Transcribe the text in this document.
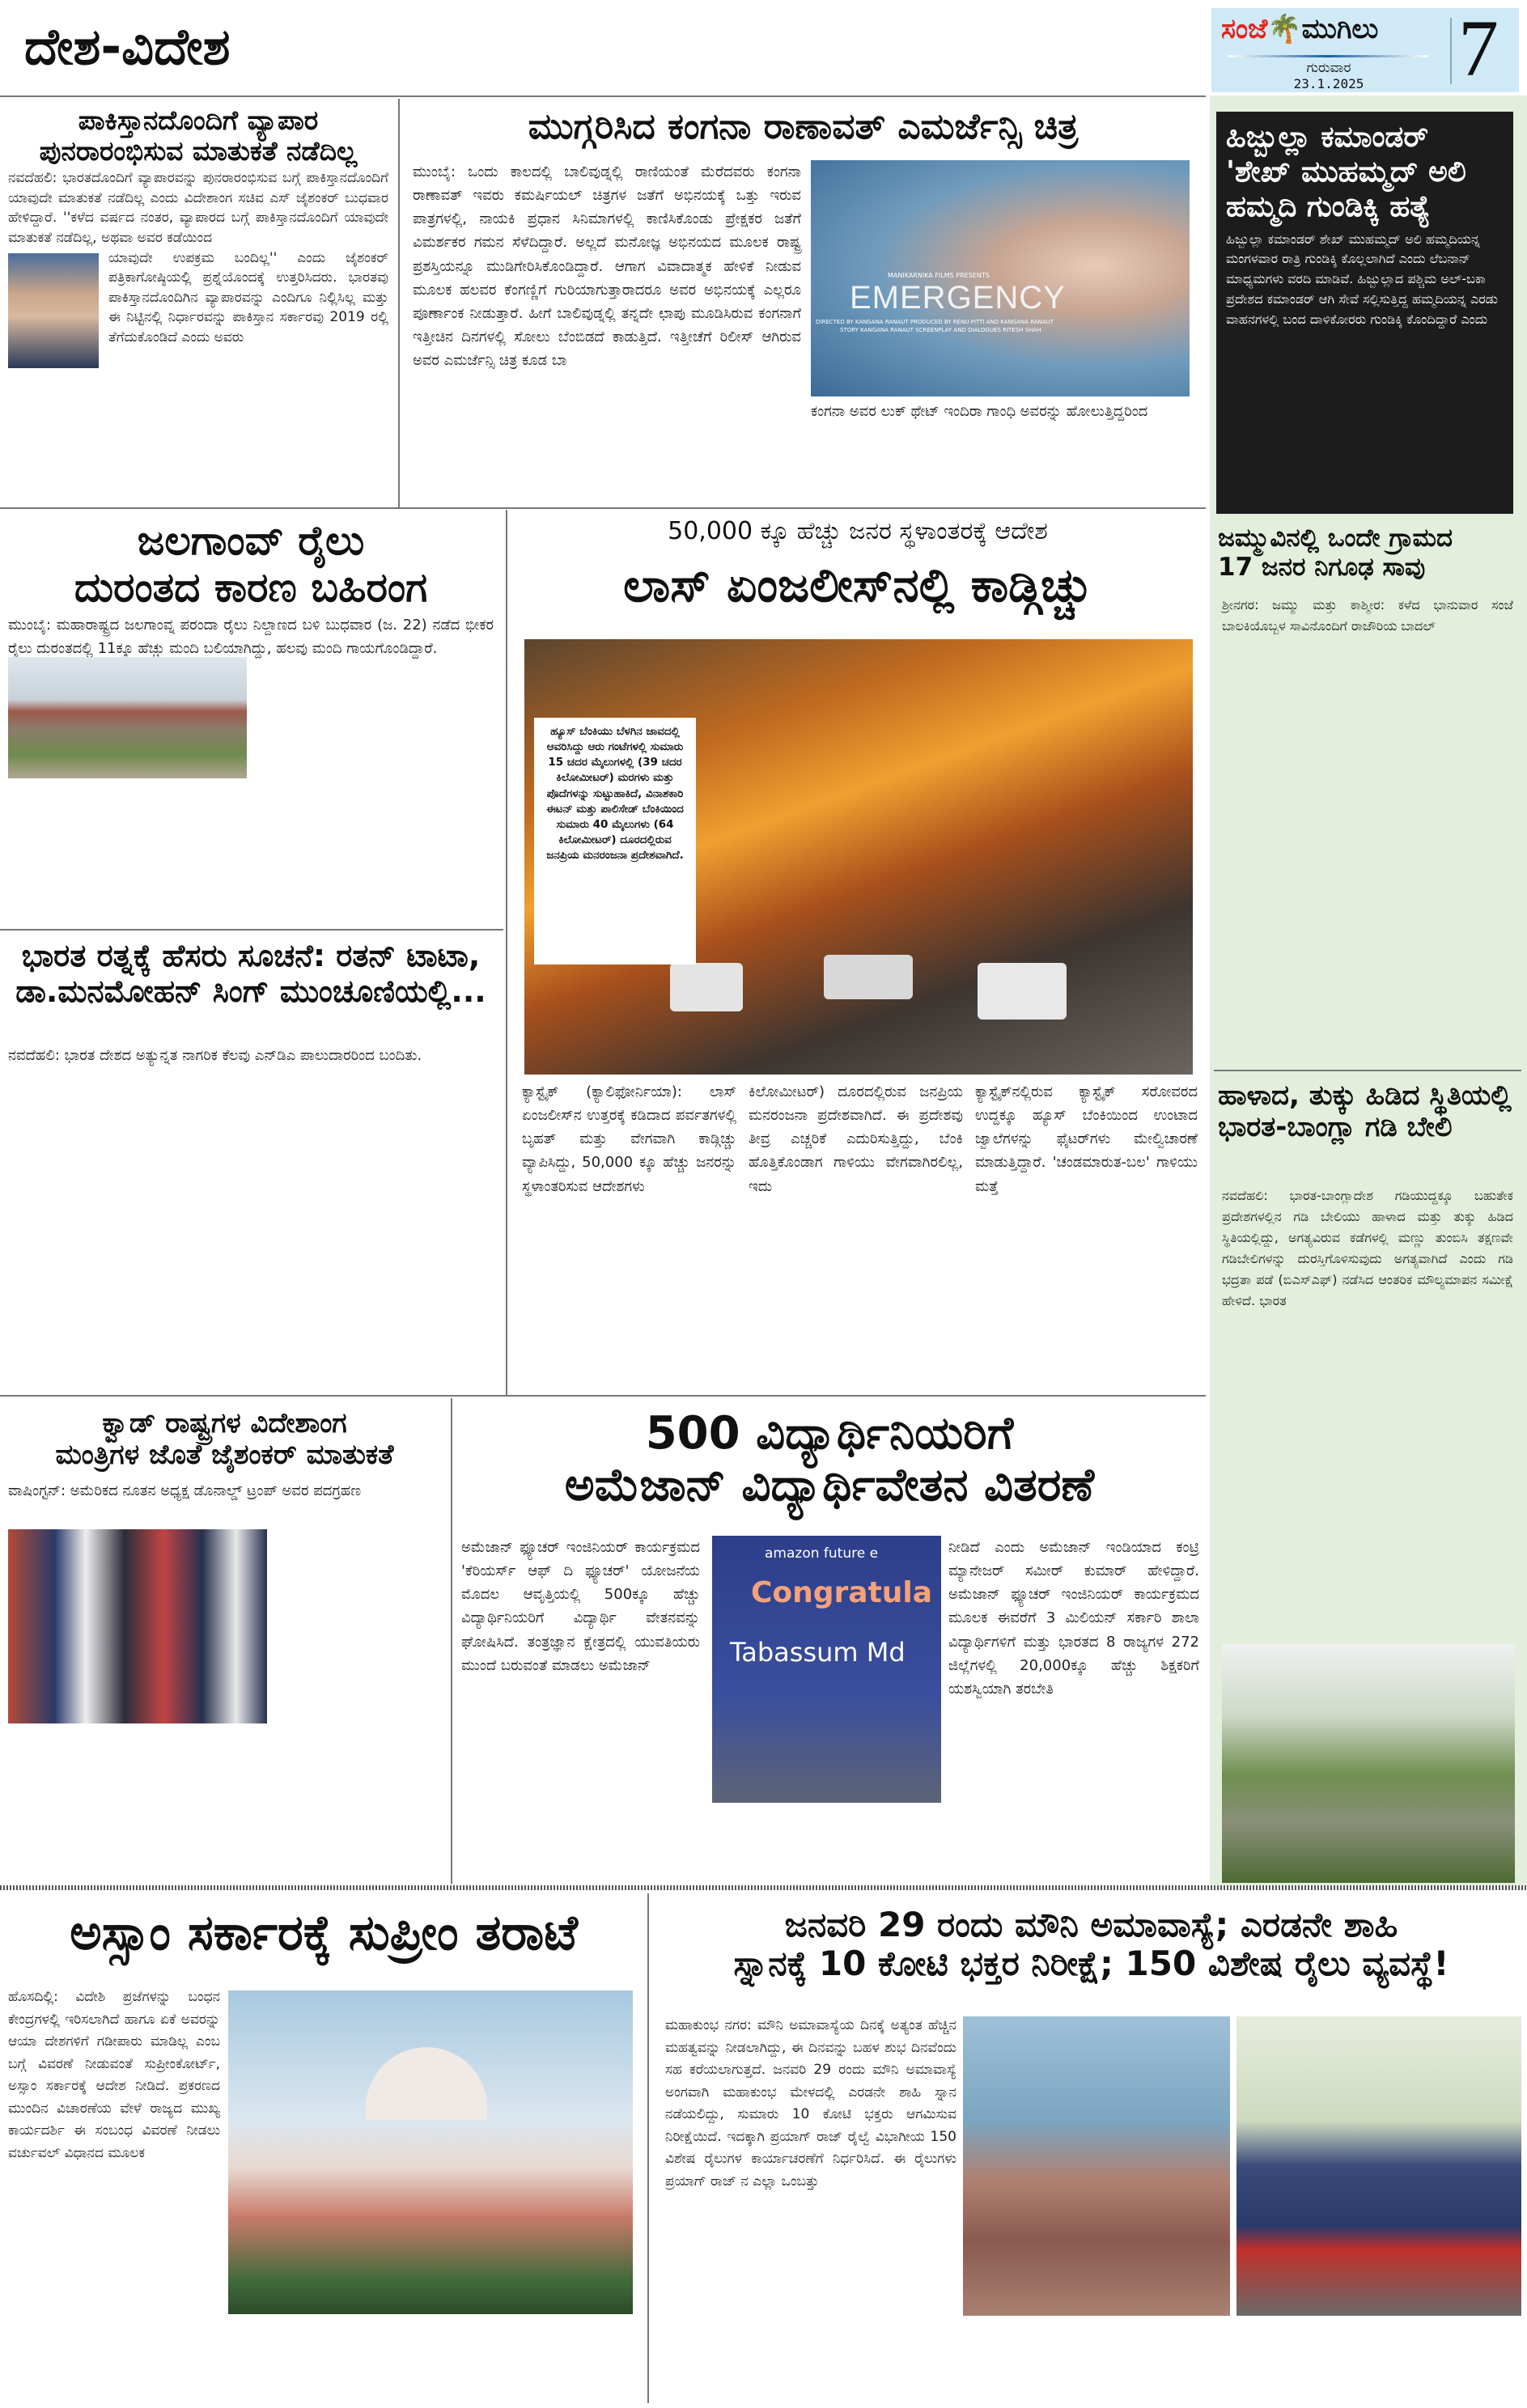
ದೇಶ-ವಿದೇಶ	ಸಂಜೆ🌴ಮುಗಿಲು
ಗುರುವಾರ
23.1.2025	7
ಪಾಕಿಸ್ತಾನದೊಂದಿಗೆ ವ್ಯಾಪಾರ
ಪುನರಾರಂಭಿಸುವ ಮಾತುಕತೆ ನಡೆದಿಲ್ಲ
ನವದೆಹಲಿ: ಭಾರತದೊಂದಿಗೆ ವ್ಯಾಪಾರವನ್ನು ಪುನರಾರಂಭಿಸುವ ಬಗ್ಗೆ ಪಾಕಿಸ್ತಾನದೊಂದಿಗೆ ಯಾವುದೇ ಮಾತುಕತೆ ನಡೆದಿಲ್ಲ ಎಂದು ವಿದೇಶಾಂಗ ಸಚಿವ ಎಸ್ ಜೈಶಂಕರ್ ಬುಧವಾರ ಹೇಳಿದ್ದಾರೆ. ''ಕಳೆದ ವರ್ಷದ ನಂತರ, ವ್ಯಾಪಾರದ ಬಗ್ಗೆ ಪಾಕಿಸ್ತಾನದೊಂದಿಗೆ ಯಾವುದೇ ಮಾತುಕತೆ ನಡೆದಿಲ್ಲ, ಅಥವಾ ಅವರ ಕಡೆಯಿಂದ
ಯಾವುದೇ ಉಪಕ್ರಮ ಬಂದಿಲ್ಲ'' ಎಂದು ಜೈಶಂಕರ್ ಪತ್ರಿಕಾಗೋಷ್ಠಿಯಲ್ಲಿ ಪ್ರಶ್ನೆಯೊಂದಕ್ಕೆ ಉತ್ತರಿಸಿದರು. ಭಾರತವು ಪಾಕಿಸ್ತಾನದೊಂದಿಗಿನ ವ್ಯಾಪಾರವನ್ನು ಎಂದಿಗೂ ನಿಲ್ಲಿಸಿಲ್ಲ ಮತ್ತು ಈ ನಿಟ್ಟಿನಲ್ಲಿ ನಿರ್ಧಾರವನ್ನು ಪಾಕಿಸ್ತಾನ ಸರ್ಕಾರವು 2019 ರಲ್ಲಿ ತೆಗೆದುಕೊಂಡಿದೆ ಎಂದು ಅವರು
ಮುಗ್ಗರಿಸಿದ ಕಂಗನಾ ರಾಣಾವತ್ ಎಮರ್ಜೆನ್ಸಿ ಚಿತ್ರ
ಮುಂಬೈ: ಒಂದು ಕಾಲದಲ್ಲಿ ಬಾಲಿವುಡ್ನಲ್ಲಿ ರಾಣಿಯಂತೆ ಮೆರೆದವರು ಕಂಗನಾ ರಾಣಾವತ್ ಇವರು ಕಮರ್ಷಿಯಲ್ ಚಿತ್ರಗಳ ಜತೆಗೆ ಅಭಿನಯಕ್ಕೆ ಒತ್ತು ಇರುವ ಪಾತ್ರಗಳಲ್ಲಿ, ನಾಯಕಿ ಪ್ರಧಾನ ಸಿನಿಮಾಗಳಲ್ಲಿ ಕಾಣಿಸಿಕೊಂಡು ಪ್ರೇಕ್ಷಕರ ಜತೆಗೆ ವಿಮರ್ಶಕರ ಗಮನ ಸೆಳೆದಿದ್ದಾರೆ. ಅಲ್ಲದೆ ಮನೋಜ್ಞ ಅಭಿನಯದ ಮೂಲಕ ರಾಷ್ಟ್ರ ಪ್ರಶಸ್ತಿಯನ್ನೂ ಮುಡಿಗೇರಿಸಿಕೊಂಡಿದ್ದಾರೆ. ಆಗಾಗ ವಿವಾದಾತ್ಮಕ ಹೇಳಿಕೆ ನೀಡುವ ಮೂಲಕ ಹಲವರ ಕೆಂಗಣ್ಣಿಗೆ ಗುರಿಯಾಗುತ್ತಾರಾದರೂ ಅವರ ಅಭಿನಯಕ್ಕೆ ಎಲ್ಲರೂ ಪೂರ್ಣಾಂಕ ನೀಡುತ್ತಾರೆ. ಹೀಗೆ ಬಾಲಿವುಡ್ನಲ್ಲಿ ತನ್ನದೇ ಛಾಪು ಮೂಡಿಸಿರುವ ಕಂಗನಾಗೆ ಇತ್ತೀಚಿನ ದಿನಗಳಲ್ಲಿ ಸೋಲು ಬೆಂಬಿಡದೆ ಕಾಡುತ್ತಿದೆ. ಇತ್ತೀಚೆಗೆ ರಿಲೀಸ್ ಆಗಿರುವ ಅವರ ಎಮರ್ಜೆನ್ಸಿ ಚಿತ್ರ ಕೂಡ ಬಾ
MANIKARNIKA FILMS PRESENTS
EMERGENCY
DIRECTED BY KANGANA RANAUT PRODUCED BY RENU PITTI AND KANGANA RANAUT
STORY KANGANA RANAUT SCREENPLAY AND DIALOGUES RITESH SHAH
ಕಂಗನಾ ಅವರ ಲುಕ್ ಥೇಟ್ ಇಂದಿರಾ ಗಾಂಧಿ ಅವರನ್ನು ಹೋಲುತ್ತಿದ್ದರಿಂದ
ಹಿಜ್ಬುಲ್ಲಾ ಕಮಾಂಡರ್ 'ಶೇಖ್ ಮುಹಮ್ಮದ್ ಅಲಿ ಹಮ್ಮದಿ ಗುಂಡಿಕ್ಕಿ ಹತ್ಯೆ
ಹಿಜ್ಬುಲ್ಲಾ ಕಮಾಂಡರ್ ಶೇಖ್ ಮುಹಮ್ಮದ್ ಅಲಿ ಹಮ್ಮದಿಯನ್ನ ಮಂಗಳವಾರ ರಾತ್ರಿ ಗುಂಡಿಕ್ಕಿ ಕೊಲ್ಲಲಾಗಿದೆ ಎಂದು ಲೆಬನಾನ್ ಮಾಧ್ಯಮಗಳು ವರದಿ ಮಾಡಿವೆ. ಹಿಜ್ಬುಲ್ಲಾದ ಪಶ್ಚಿಮ ಅಲ್-ಬಕಾ ಪ್ರದೇಶದ ಕಮಾಂಡರ್ ಆಗಿ ಸೇವೆ ಸಲ್ಲಿಸುತ್ತಿದ್ದ ಹಮ್ಮದಿಯನ್ನ ಎರಡು ವಾಹನಗಳಲ್ಲಿ ಬಂದ ದಾಳಿಕೋರರು ಗುಂಡಿಕ್ಕಿ ಕೊಂದಿದ್ದಾರೆ ಎಂದು
ಜಮ್ಮುವಿನಲ್ಲಿ ಒಂದೇ ಗ್ರಾಮದ
17 ಜನರ ನಿಗೂಢ ಸಾವು
ಶ್ರೀನಗರ: ಜಮ್ಮು ಮತ್ತು ಕಾಶ್ಮೀರ: ಕಳೆದ ಭಾನುವಾರ ಸಂಜೆ ಬಾಲಕಿಯೊಬ್ಬಳ ಸಾವಿನೊಂದಿಗೆ ರಾಜೌರಿಯ ಬಾದಲ್
ಹಾಳಾದ, ತುಕ್ಕು ಹಿಡಿದ ಸ್ಥಿತಿಯಲ್ಲಿ ಭಾರತ-ಬಾಂಗ್ಲಾ ಗಡಿ ಬೇಲಿ
ನವದೆಹಲಿ: ಭಾರತ-ಬಾಂಗ್ಲಾದೇಶ ಗಡಿಯುದ್ದಕ್ಕೂ ಬಹುತೇಕ ಪ್ರದೇಶಗಳಲ್ಲಿನ ಗಡಿ ಬೇಲಿಯು ಹಾಳಾದ ಮತ್ತು ತುಕ್ಕು ಹಿಡಿದ ಸ್ಥಿತಿಯಲ್ಲಿದ್ದು, ಅಗತ್ಯವಿರುವ ಕಡೆಗಳಲ್ಲಿ ಮಣ್ಣು ತುಂಬಿಸಿ ತಕ್ಷಣವೇ ಗಡಿಬೇಲಿಗಳನ್ನು ದುರಸ್ತಿಗೊಳಿಸುವುದು ಅಗತ್ಯವಾಗಿದೆ ಎಂದು ಗಡಿ ಭದ್ರತಾ ಪಡೆ (ಬಿಎಸ್‌ಎಫ್) ನಡೆಸಿದ ಆಂತರಿಕ ಮೌಲ್ಯಮಾಪನ ಸಮೀಕ್ಷೆ ಹೇಳಿದೆ. ಭಾರತ
ಜಲಗಾಂವ್ ರೈಲು
ದುರಂತದ ಕಾರಣ ಬಹಿರಂಗ
ಮುಂಬೈ: ಮಹಾರಾಷ್ಟ್ರದ ಜಲಗಾಂವ್ನ ಪರಂದಾ ರೈಲು ನಿಲ್ದಾಣದ ಬಳಿ ಬುಧವಾರ (ಜ. 22) ನಡೆದ ಭೀಕರ ರೈಲು ದುರಂತದಲ್ಲಿ 11ಕ್ಕೂ ಹೆಚ್ಚು ಮಂದಿ ಬಲಿಯಾಗಿದ್ದು, ಹಲವು ಮಂದಿ ಗಾಯಗೊಂಡಿದ್ದಾರೆ.
50,000 ಕ್ಕೂ ಹೆಚ್ಚು ಜನರ ಸ್ಥಳಾಂತರಕ್ಕೆ ಆದೇಶ
ಲಾಸ್ ಏಂಜಲೀಸ್‌ನಲ್ಲಿ ಕಾಡ್ಗಿಚ್ಚು
ಹ್ಯೂಸ್ ಬೆಂಕಿಯು ಬೆಳಗಿನ ಜಾವದಲ್ಲಿ ಆವರಿಸಿದ್ದು ಆರು ಗಂಟೆಗಳಲ್ಲಿ ಸುಮಾರು 15 ಚದರ ಮೈಲುಗಳಲ್ಲಿ (39 ಚದರ ಕಿಲೋಮೀಟರ್) ಮರಗಳು ಮತ್ತು ಪೊದೆಗಳನ್ನು ಸುಟ್ಟುಹಾಕಿದೆ, ವಿನಾಶಕಾರಿ ಈಟನ್ ಮತ್ತು ಪಾಲಿಸೇಡ್ ಬೆಂಕಿಯಿಂದ ಸುಮಾರು 40 ಮೈಲುಗಳು (64 ಕಿಲೋಮೀಟರ್) ದೂರದಲ್ಲಿರುವ ಜನಪ್ರಿಯ ಮನರಂಜನಾ ಪ್ರದೇಶವಾಗಿದೆ.
ಕ್ಯಾಸ್ಟೈಕ್ (ಕ್ಯಾಲಿಫೋರ್ನಿಯಾ): ಲಾಸ್ ಏಂಜಲೀಸ್‌ನ ಉತ್ತರಕ್ಕೆ ಕಡಿದಾದ ಪರ್ವತಗಳಲ್ಲಿ ಬೃಹತ್ ಮತ್ತು ವೇಗವಾಗಿ ಕಾಡ್ಗಿಚ್ಚು ವ್ಯಾಪಿಸಿದ್ದು, 50,000 ಕ್ಕೂ ಹೆಚ್ಚು ಜನರನ್ನು ಸ್ಥಳಾಂತರಿಸುವ ಆದೇಶಗಳು
ಕಿಲೋಮೀಟರ್) ದೂರದಲ್ಲಿರುವ ಜನಪ್ರಿಯ ಮನರಂಜನಾ ಪ್ರದೇಶವಾಗಿದೆ. ಈ ಪ್ರದೇಶವು ತೀವ್ರ ಎಚ್ಚರಿಕೆ ಎದುರಿಸುತ್ತಿದ್ದು, ಬೆಂಕಿ ಹೊತ್ತಿಕೊಂಡಾಗ ಗಾಳಿಯು ವೇಗವಾಗಿರಲಿಲ್ಲ, ಇದು
ಕ್ಯಾಸ್ಟೈಕ್‌ನಲ್ಲಿರುವ ಕ್ಯಾಸ್ಟೈಕ್ ಸರೋವರದ ಉದ್ದಕ್ಕೂ ಹ್ಯೂಸ್ ಬೆಂಕಿಯಿಂದ ಉಂಟಾದ ಜ್ವಾಲೆಗಳನ್ನು ಫೈಟರ್‌ಗಳು ಮೇಲ್ವಿಚಾರಣೆ ಮಾಡುತ್ತಿದ್ದಾರೆ. 'ಚಂಡಮಾರುತ-ಬಲ' ಗಾಳಿಯು ಮತ್ತೆ
ಭಾರತ ರತ್ನಕ್ಕೆ ಹೆಸರು ಸೂಚನೆ: ರತನ್ ಟಾಟಾ, ಡಾ.ಮನಮೋಹನ್ ಸಿಂಗ್ ಮುಂಚೂಣಿಯಲ್ಲಿ...
ನವದೆಹಲಿ: ಭಾರತ ದೇಶದ ಅತ್ಯುನ್ನತ ನಾಗರಿಕ ಕೆಲವು ಎನ್‌ಡಿಎ ಪಾಲುದಾರರಿಂದ ಬಂದಿತು.
ಕ್ವಾಡ್ ರಾಷ್ಟ್ರಗಳ ವಿದೇಶಾಂಗ
ಮಂತ್ರಿಗಳ ಜೊತೆ ಜೈಶಂಕರ್ ಮಾತುಕತೆ
ವಾಷಿಂಗ್ಟನ್: ಅಮೆರಿಕದ ನೂತನ ಅಧ್ಯಕ್ಷ ಡೊನಾಲ್ಡ್ ಟ್ರಂಪ್ ಅವರ ಪದಗ್ರಹಣ
500 ವಿದ್ಯಾರ್ಥಿನಿಯರಿಗೆ
ಅಮೆಜಾನ್ ವಿದ್ಯಾರ್ಥಿವೇತನ ವಿತರಣೆ
ಅಮೆಜಾನ್ ಫ್ಯೂಚರ್ ಇಂಜಿನಿಯರ್ ಕಾರ್ಯಕ್ರಮದ 'ಕೆರಿಯರ್ಸ್ ಆಫ್ ದಿ ಫ್ಯೂಚರ್' ಯೋಜನೆಯ ಮೊದಲ ಆವೃತ್ತಿಯಲ್ಲಿ 500ಕ್ಕೂ ಹೆಚ್ಚು ವಿದ್ಯಾರ್ಥಿನಿಯರಿಗೆ ವಿದ್ಯಾರ್ಥಿ ವೇತನವನ್ನು ಘೋಷಿಸಿದೆ. ತಂತ್ರಜ್ಞಾನ ಕ್ಷೇತ್ರದಲ್ಲಿ ಯುವತಿಯರು ಮುಂದೆ ಬರುವಂತೆ ಮಾಡಲು ಅಮೆಜಾನ್
amazon future e
Congratula
Tabassum Md
ನೀಡಿದೆ ಎಂದು ಅಮೆಜಾನ್ ಇಂಡಿಯಾದ ಕಂಟ್ರಿ ಮ್ಯಾನೇಜರ್ ಸಮೀರ್ ಕುಮಾರ್ ಹೇಳಿದ್ದಾರೆ. ಅಮೆಜಾನ್ ಫ್ಯೂಚರ್ ಇಂಜಿನಿಯರ್ ಕಾರ್ಯಕ್ರಮದ ಮೂಲಕ ಈವರೆಗೆ 3 ಮಿಲಿಯನ್ ಸರ್ಕಾರಿ ಶಾಲಾ ವಿದ್ಯಾರ್ಥಿಗಳಿಗೆ ಮತ್ತು ಭಾರತದ 8 ರಾಜ್ಯಗಳ 272 ಜಿಲ್ಲೆಗಳಲ್ಲಿ 20,000ಕ್ಕೂ ಹೆಚ್ಚು ಶಿಕ್ಷಕರಿಗೆ ಯಶಸ್ವಿಯಾಗಿ ತರಬೇತಿ
ಅಸ್ಸಾಂ ಸರ್ಕಾರಕ್ಕೆ ಸುಪ್ರೀಂ ತರಾಟೆ
ಹೊಸದಿಲ್ಲಿ: ವಿದೇಶಿ ಪ್ರಜೆಗಳನ್ನು ಬಂಧನ ಕೇಂದ್ರಗಳಲ್ಲಿ ಇರಿಸಲಾಗಿದೆ ಹಾಗೂ ಏಕೆ ಅವರನ್ನು ಆಯಾ ದೇಶಗಳಿಗೆ ಗಡೀಪಾರು ಮಾಡಿಲ್ಲ ಎಂಬ ಬಗ್ಗೆ ವಿವರಣೆ ನೀಡುವಂತೆ ಸುಪ್ರೀಂಕೋರ್ಟ್, ಅಸ್ಸಾಂ ಸರ್ಕಾರಕ್ಕೆ ಆದೇಶ ನೀಡಿದೆ. ಪ್ರಕರಣದ ಮುಂದಿನ ವಿಚಾರಣೆಯ ವೇಳೆ ರಾಜ್ಯದ ಮುಖ್ಯ ಕಾರ್ಯದರ್ಶಿ ಈ ಸಂಬಂಧ ವಿವರಣೆ ನೀಡಲು ವರ್ಚುವಲ್ ವಿಧಾನದ ಮೂಲಕ
ಜನವರಿ 29 ರಂದು ಮೌನಿ ಅಮಾವಾಸ್ಯೆ; ಎರಡನೇ ಶಾಹಿ
ಸ್ನಾನಕ್ಕೆ 10 ಕೋಟಿ ಭಕ್ತರ ನಿರೀಕ್ಷೆ; 150 ವಿಶೇಷ ರೈಲು ವ್ಯವಸ್ಥೆ!
ಮಹಾಕುಂಭ ನಗರ: ಮೌನಿ ಅಮಾವಾಸ್ಯೆಯ ದಿನಕ್ಕೆ ಅತ್ಯಂತ ಹೆಚ್ಚಿನ ಮಹತ್ವವನ್ನು ನೀಡಲಾಗಿದ್ದು, ಈ ದಿನವನ್ನು ಬಹಳ ಶುಭ ದಿನವೆಂದು ಸಹ ಕರೆಯಲಾಗುತ್ತದೆ. ಜನವರಿ 29 ರಂದು ಮೌನಿ ಅಮಾವಾಸ್ಯೆ ಅಂಗವಾಗಿ ಮಹಾಕುಂಭ ಮೇಳದಲ್ಲಿ ಎರಡನೇ ಶಾಹಿ ಸ್ನಾನ ನಡೆಯಲಿದ್ದು, ಸುಮಾರು 10 ಕೋಟಿ ಭಕ್ತರು ಆಗಮಿಸುವ ನಿರೀಕ್ಷೆಯಿದೆ. ಇದಕ್ಕಾಗಿ ಪ್ರಯಾಗ್ ರಾಜ್ ರೈಲ್ವೆ ವಿಭಾಗೀಯ 150 ವಿಶೇಷ ರೈಲುಗಳ ಕಾರ್ಯಾಚರಣೆಗೆ ನಿರ್ಧರಿಸಿದೆ. ಈ ರೈಲುಗಳು ಪ್ರಯಾಗ್ ರಾಜ್ ನ ಎಲ್ಲಾ ಒಂಬತ್ತು
